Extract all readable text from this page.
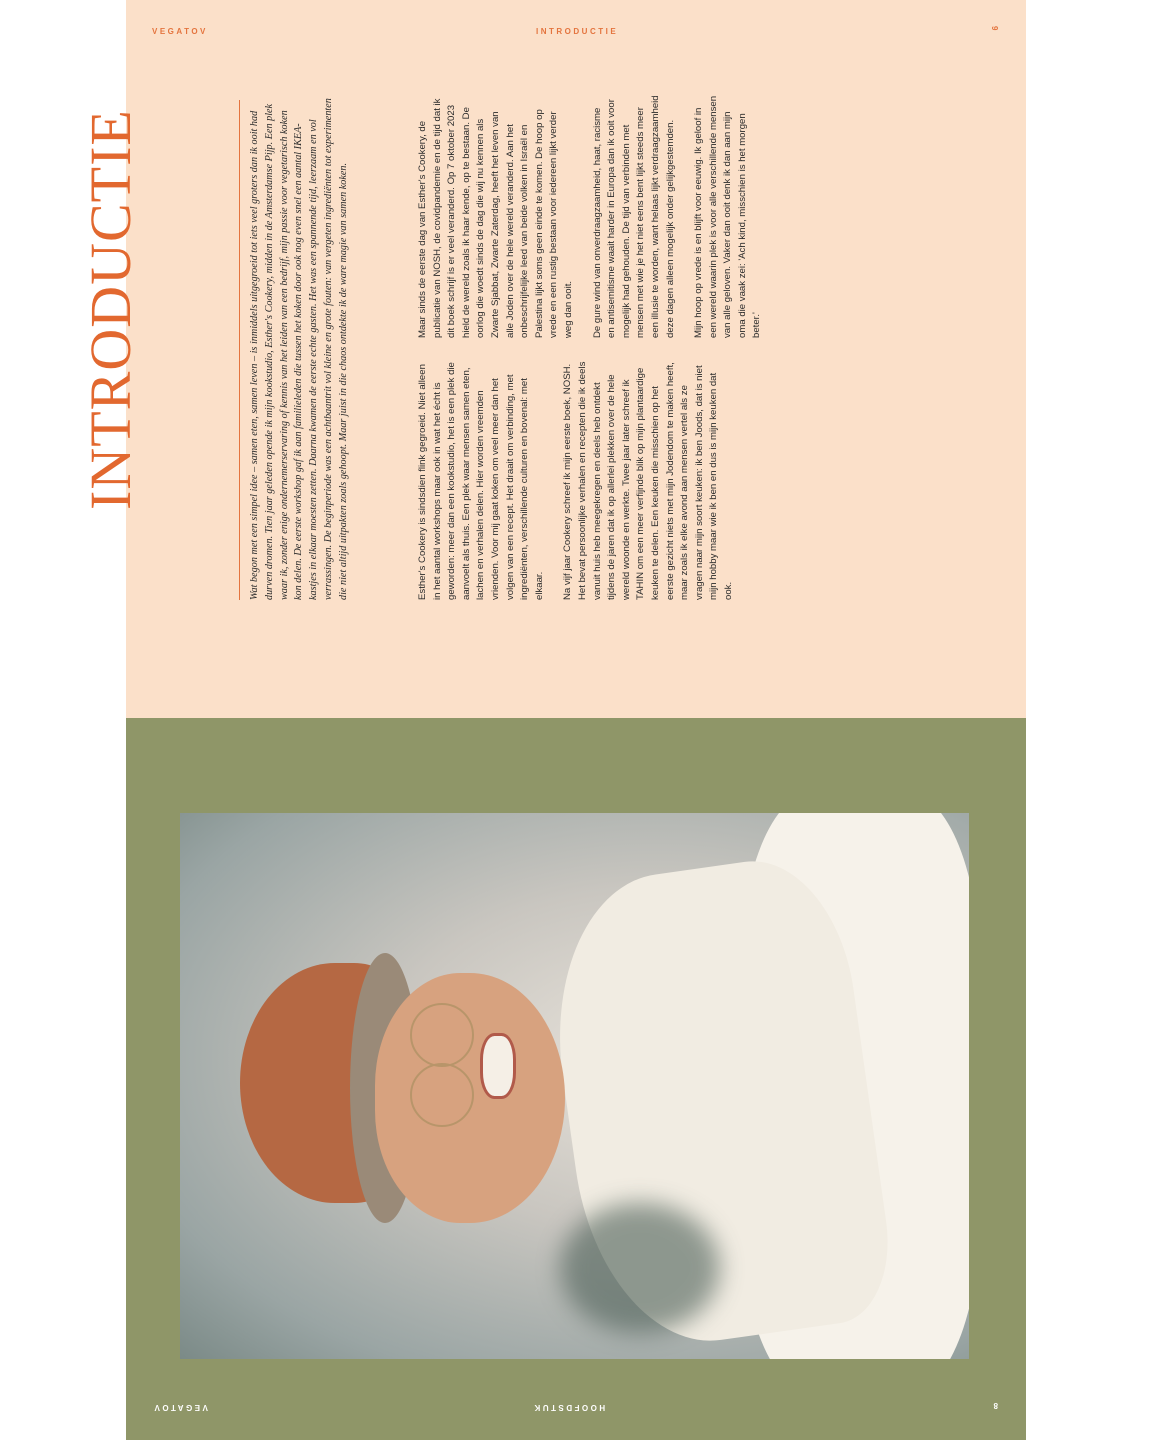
VEGATOV	INTRODUCTIE	9
INTRODUCTIE	Wat begon met een simpel idee – samen eten, samen leven – is inmiddels uitgegroeid tot iets veel groters dan ik ooit had durven dromen. Tien jaar geleden opende ik mijn kookstudio, Esther's Cookery, midden in de Amsterdamse Pijp. Een plek waar ik, zonder enige ondernemerservaring of kennis van het leiden van een bedrijf, mijn passie voor vegetarisch koken kon delen. De eerste workshop gaf ik aan familieleden die tussen het koken door ook nog even snel een aantal IKEA-kastjes in elkaar moesten zetten. Daarna kwamen de eerste echte gasten. Het was een spannende tijd, leerzaam en vol verrassingen. De beginperiode was een achtbaantrit vol kleine en grote fouten: van vergeten ingrediënten tot experimenten die niet altijd uitpakten zoals gehoopt. Maar juist in die chaos ontdekte ik de ware magie van samen koken.	Esther's Cookery is sindsdien flink gegroeid. Niet alleen in het aantal workshops maar ook in wat het écht is geworden: meer dan een kookstudio, het is een plek die aanvoelt als thuis. Een plek waar mensen samen eten, lachen en verhalen delen. Hier worden vreemden vrienden. Voor mij gaat koken om veel meer dan het volgen van een recept. Het draait om verbinding, met ingrediënten, verschillende culturen en bovenal: met elkaar. Na vijf jaar Cookery schreef ik mijn eerste boek, NOSH. Het bevat persoonlijke verhalen en recepten die ik deels vanuit huis heb meegekregen en deels heb ontdekt tijdens de jaren dat ik op allerlei plekken over de hele wereld woonde en werkte. Twee jaar later schreef ik TAHIN om een meer verfijnde blik op mijn plantaardige keuken te delen. Een keuken die misschien op het eerste gezicht niets met mijn Jodendom te maken heeft, maar zoals ik elke avond aan mensen vertel als ze vragen naar mijn soort keuken: ik ben Joods, dat is niet mijn hobby maar wie ik ben en dus is mijn keuken dat ook.

Maar sinds de eerste dag van Esther's Cookery, de publicatie van NOSH, de covidpandemie en de tijd dat ik dit boek schrijf is er veel veranderd. Op 7 oktober 2023 hield de wereld zoals ik haar kende, op te bestaan. De oorlog die woedt sinds de dag die wij nu kennen als Zwarte Sjabbat, Zwarte Zaterdag, heeft het leven van alle Joden over de hele wereld veranderd. Aan het onbeschrijfelijke leed van beide volken in Israël en Palestina lijkt soms geen einde te komen. De hoop op vrede en een rustig bestaan voor iedereen lijkt verder weg dan ooit. De gure wind van onverdraagzaamheid, haat, racisme en antisemitisme waait harder in Europa dan ik ooit voor mogelijk had gehouden. De tijd van verbinden met mensen met wie je het niet eens bent lijkt steeds meer een illusie te worden, want helaas lijkt verdraagzaamheid deze dagen alleen mogelijk onder gelijkgestemden. Mijn hoop op vrede is en blijft voor eeuwig. Ik geloof in een wereld waarin plek is voor alle verschillende mensen van alle geloven. Vaker dan ooit denk ik dan aan mijn oma die vaak zei: 'Ach kind, misschien is het morgen beter.'

VEGATOV	HOOFDSTUK	8
